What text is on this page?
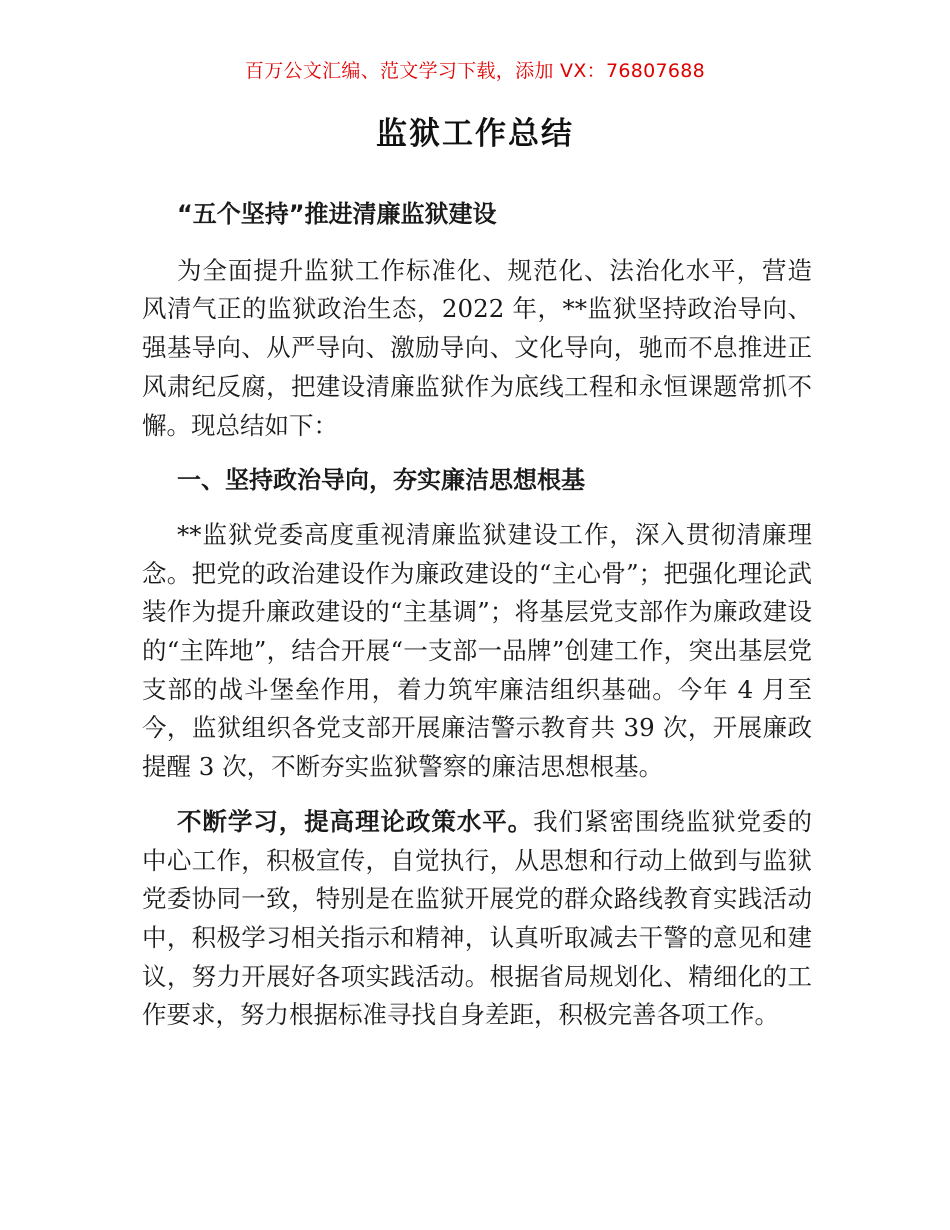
百万公文汇编、范文学习下载，添加 VX：76807688
监狱工作总结

“五个坚持”推进清廉监狱建设

为全面提升监狱工作标准化、规范化、法治化水平，营造风清气正的监狱政治生态，2022 年，**监狱坚持政治导向、强基导向、从严导向、激励导向、文化导向，驰而不息推进正风肃纪反腐，把建设清廉监狱作为底线工程和永恒课题常抓不懈。现总结如下：

一、坚持政治导向，夯实廉洁思想根基

**监狱党委高度重视清廉监狱建设工作，深入贯彻清廉理念。把党的政治建设作为廉政建设的“主心骨”；把强化理论武装作为提升廉政建设的“主基调”；将基层党支部作为廉政建设的“主阵地”，结合开展“一支部一品牌”创建工作，突出基层党支部的战斗堡垒作用，着力筑牢廉洁组织基础。今年 4 月至今，监狱组织各党支部开展廉洁警示教育共 39 次，开展廉政提醒 3 次，不断夯实监狱警察的廉洁思想根基。

不断学习，提高理论政策水平。我们紧密围绕监狱党委的中心工作，积极宣传，自觉执行，从思想和行动上做到与监狱党委协同一致，特别是在监狱开展党的群众路线教育实践活动中，积极学习相关指示和精神，认真听取减去干警的意见和建议，努力开展好各项实践活动。根据省局规划化、精细化的工作要求，努力根据标准寻找自身差距，积极完善各项工作。
